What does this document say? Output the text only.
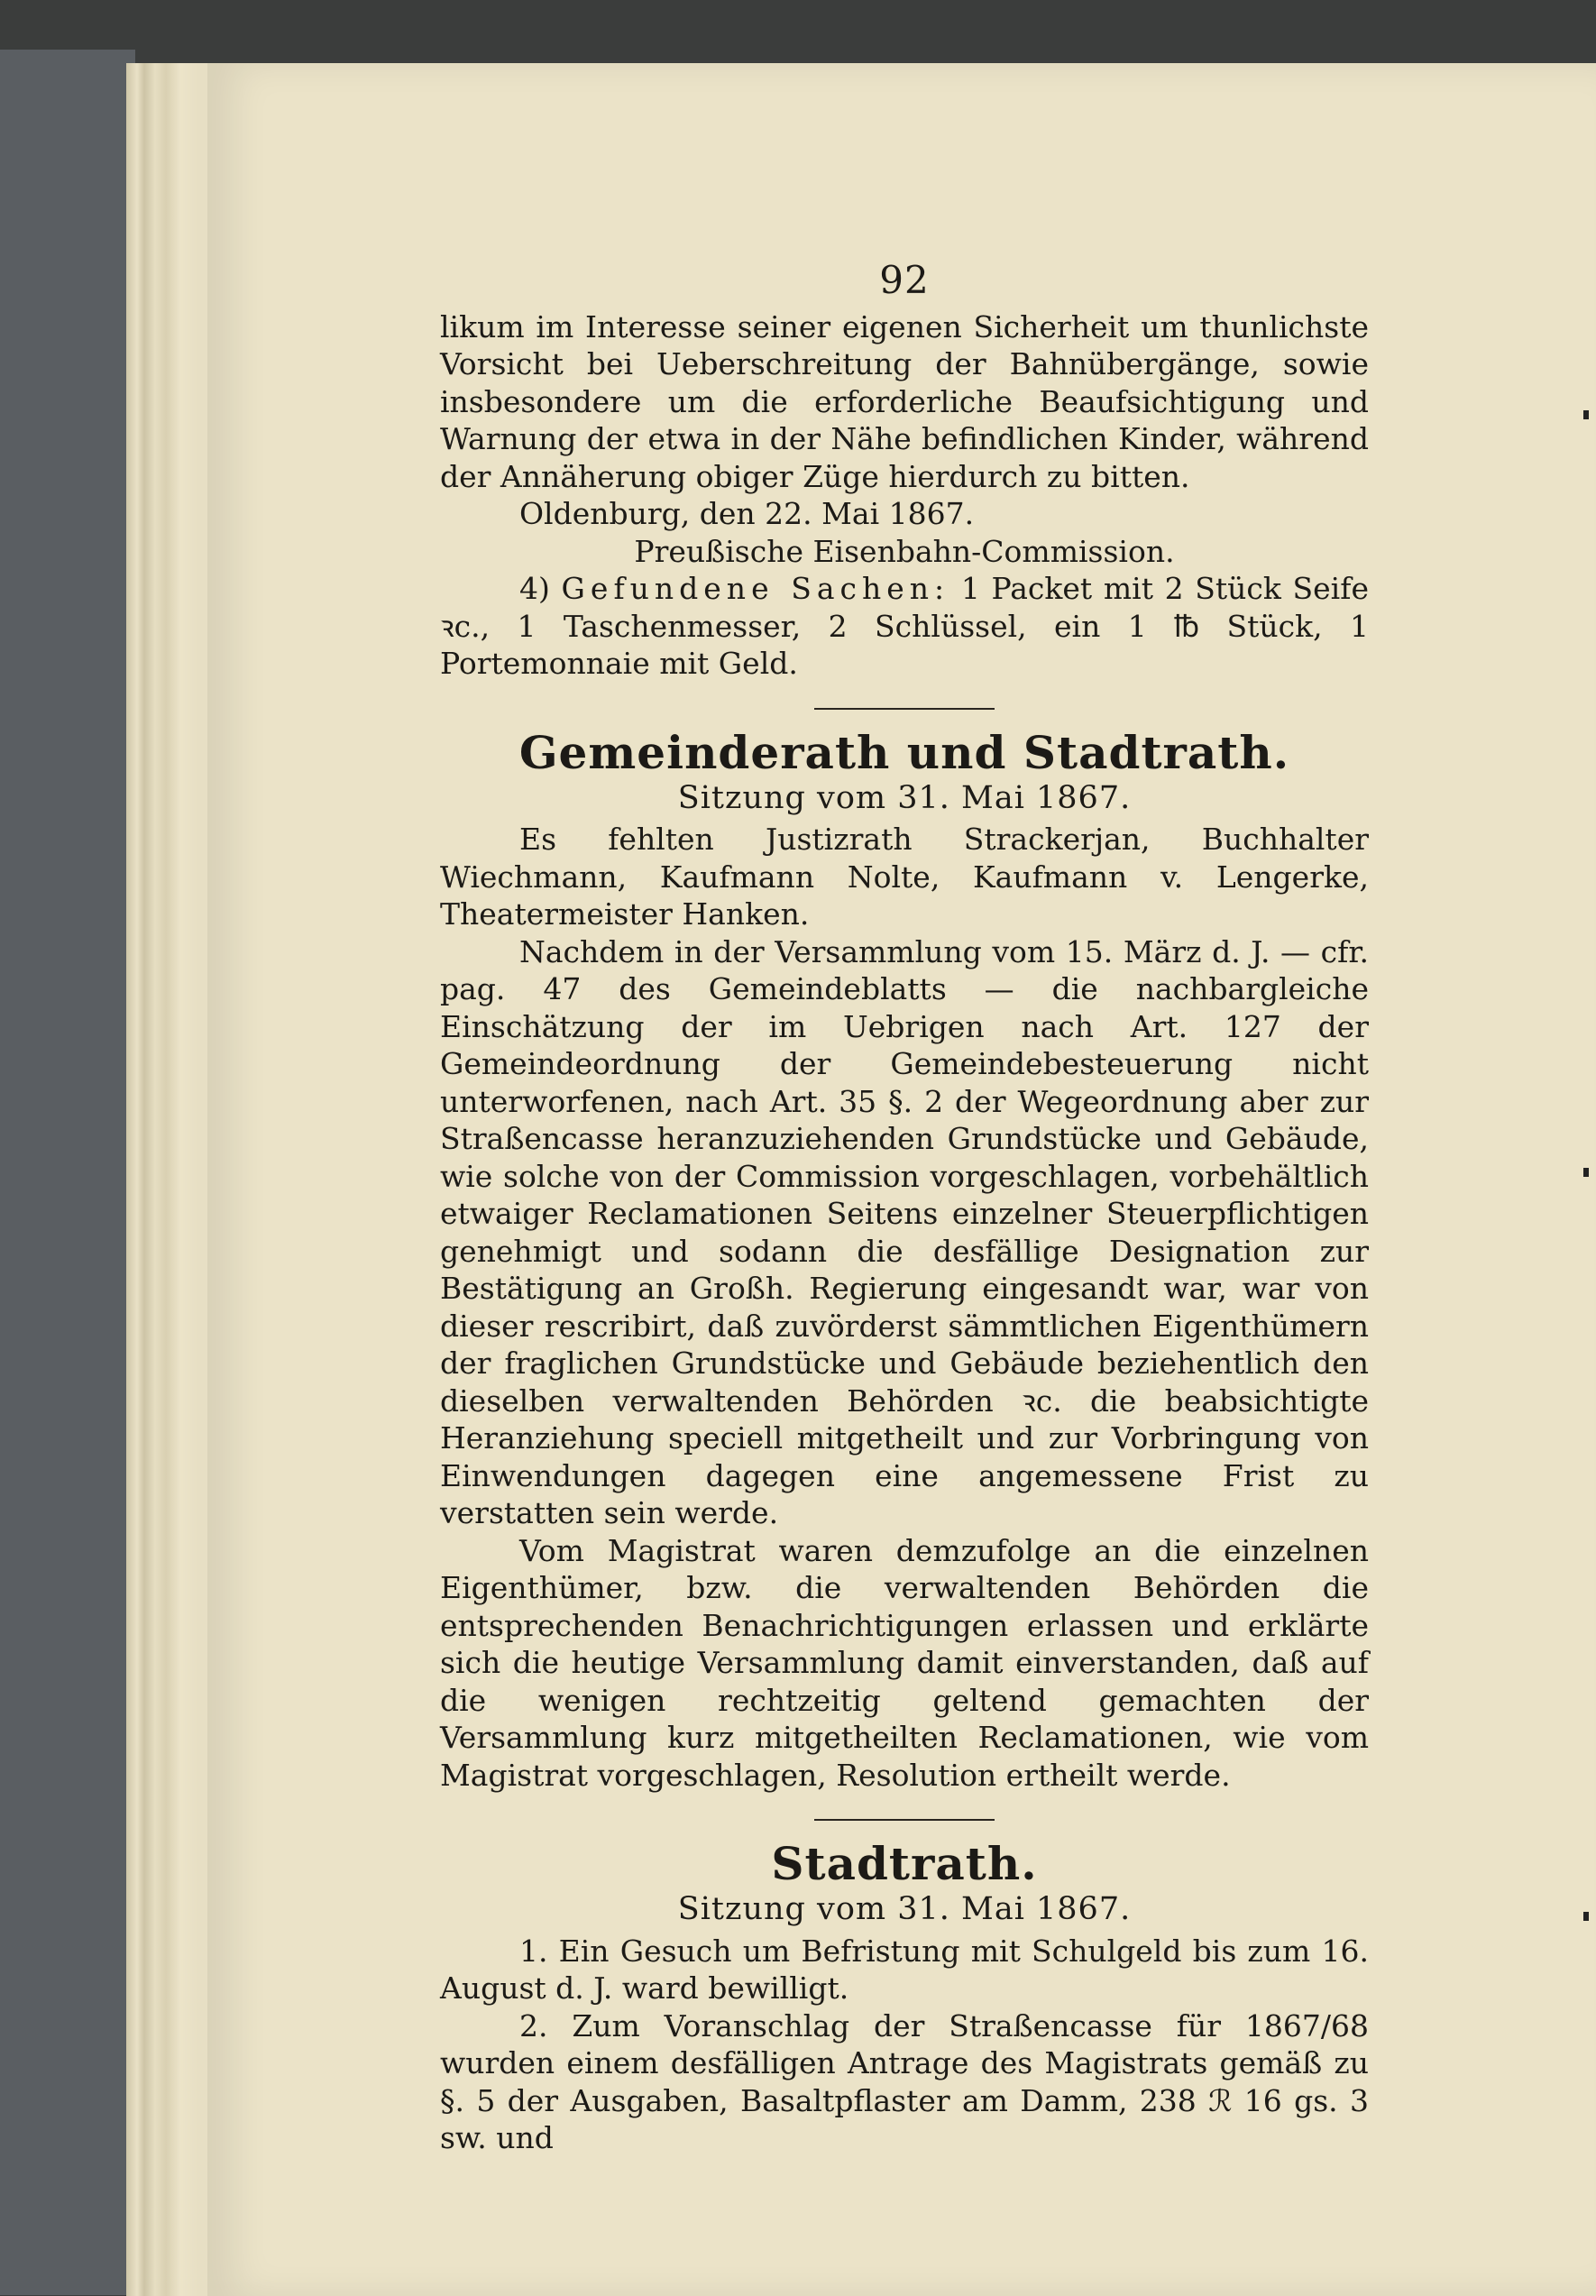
92

likum im Interesse seiner eigenen Sicherheit um thunlichste Vorsicht bei Ueberschreitung der Bahnübergänge, sowie insbesondere um die erforderliche Beaufsichtigung und Warnung der etwa in der Nähe befindlichen Kinder, während der Annäherung obiger Züge hierdurch zu bitten.

Oldenburg, den 22. Mai 1867.

Preußische Eisenbahn-Commission.

4) Gefundene Sachen: 1 Packet mit 2 Stück Seife ꝛc., 1 Taschenmesser, 2 Schlüssel, ein 1 ℔ Stück, 1 Portemonnaie mit Geld.

Gemeinderath und Stadtrath.

Sitzung vom 31. Mai 1867.

Es fehlten Justizrath Strackerjan, Buchhalter Wiechmann, Kaufmann Nolte, Kaufmann v. Lengerke, Theatermeister Hanken.

Nachdem in der Versammlung vom 15. März d. J. — cfr. pag. 47 des Gemeindeblatts — die nachbargleiche Einschätzung der im Uebrigen nach Art. 127 der Gemeindeordnung der Gemeindebesteuerung nicht unterworfenen, nach Art. 35 §. 2 der Wegeordnung aber zur Straßencasse heranzuziehenden Grundstücke und Gebäude, wie solche von der Commission vorgeschlagen, vorbehältlich etwaiger Reclamationen Seitens einzelner Steuerpflichtigen genehmigt und sodann die desfällige Designation zur Bestätigung an Großh. Regierung eingesandt war, war von dieser rescribirt, daß zuvörderst sämmtlichen Eigenthümern der fraglichen Grundstücke und Gebäude beziehentlich den dieselben verwaltenden Behörden ꝛc. die beabsichtigte Heranziehung speciell mitgetheilt und zur Vorbringung von Einwendungen dagegen eine angemessene Frist zu verstatten sein werde.

Vom Magistrat waren demzufolge an die einzelnen Eigenthümer, bzw. die verwaltenden Behörden die entsprechenden Benachrichtigungen erlassen und erklärte sich die heutige Versammlung damit einverstanden, daß auf die wenigen rechtzeitig geltend gemachten der Versammlung kurz mitgetheilten Reclamationen, wie vom Magistrat vorgeschlagen, Resolution ertheilt werde.

Stadtrath.

Sitzung vom 31. Mai 1867.

1. Ein Gesuch um Befristung mit Schulgeld bis zum 16. August d. J. ward bewilligt.

2. Zum Voranschlag der Straßencasse für 1867/68 wurden einem desfälligen Antrage des Magistrats gemäß zu §. 5 der Ausgaben, Basaltpflaster am Damm, 238 ℛ 16 gs. 3 sw. und
